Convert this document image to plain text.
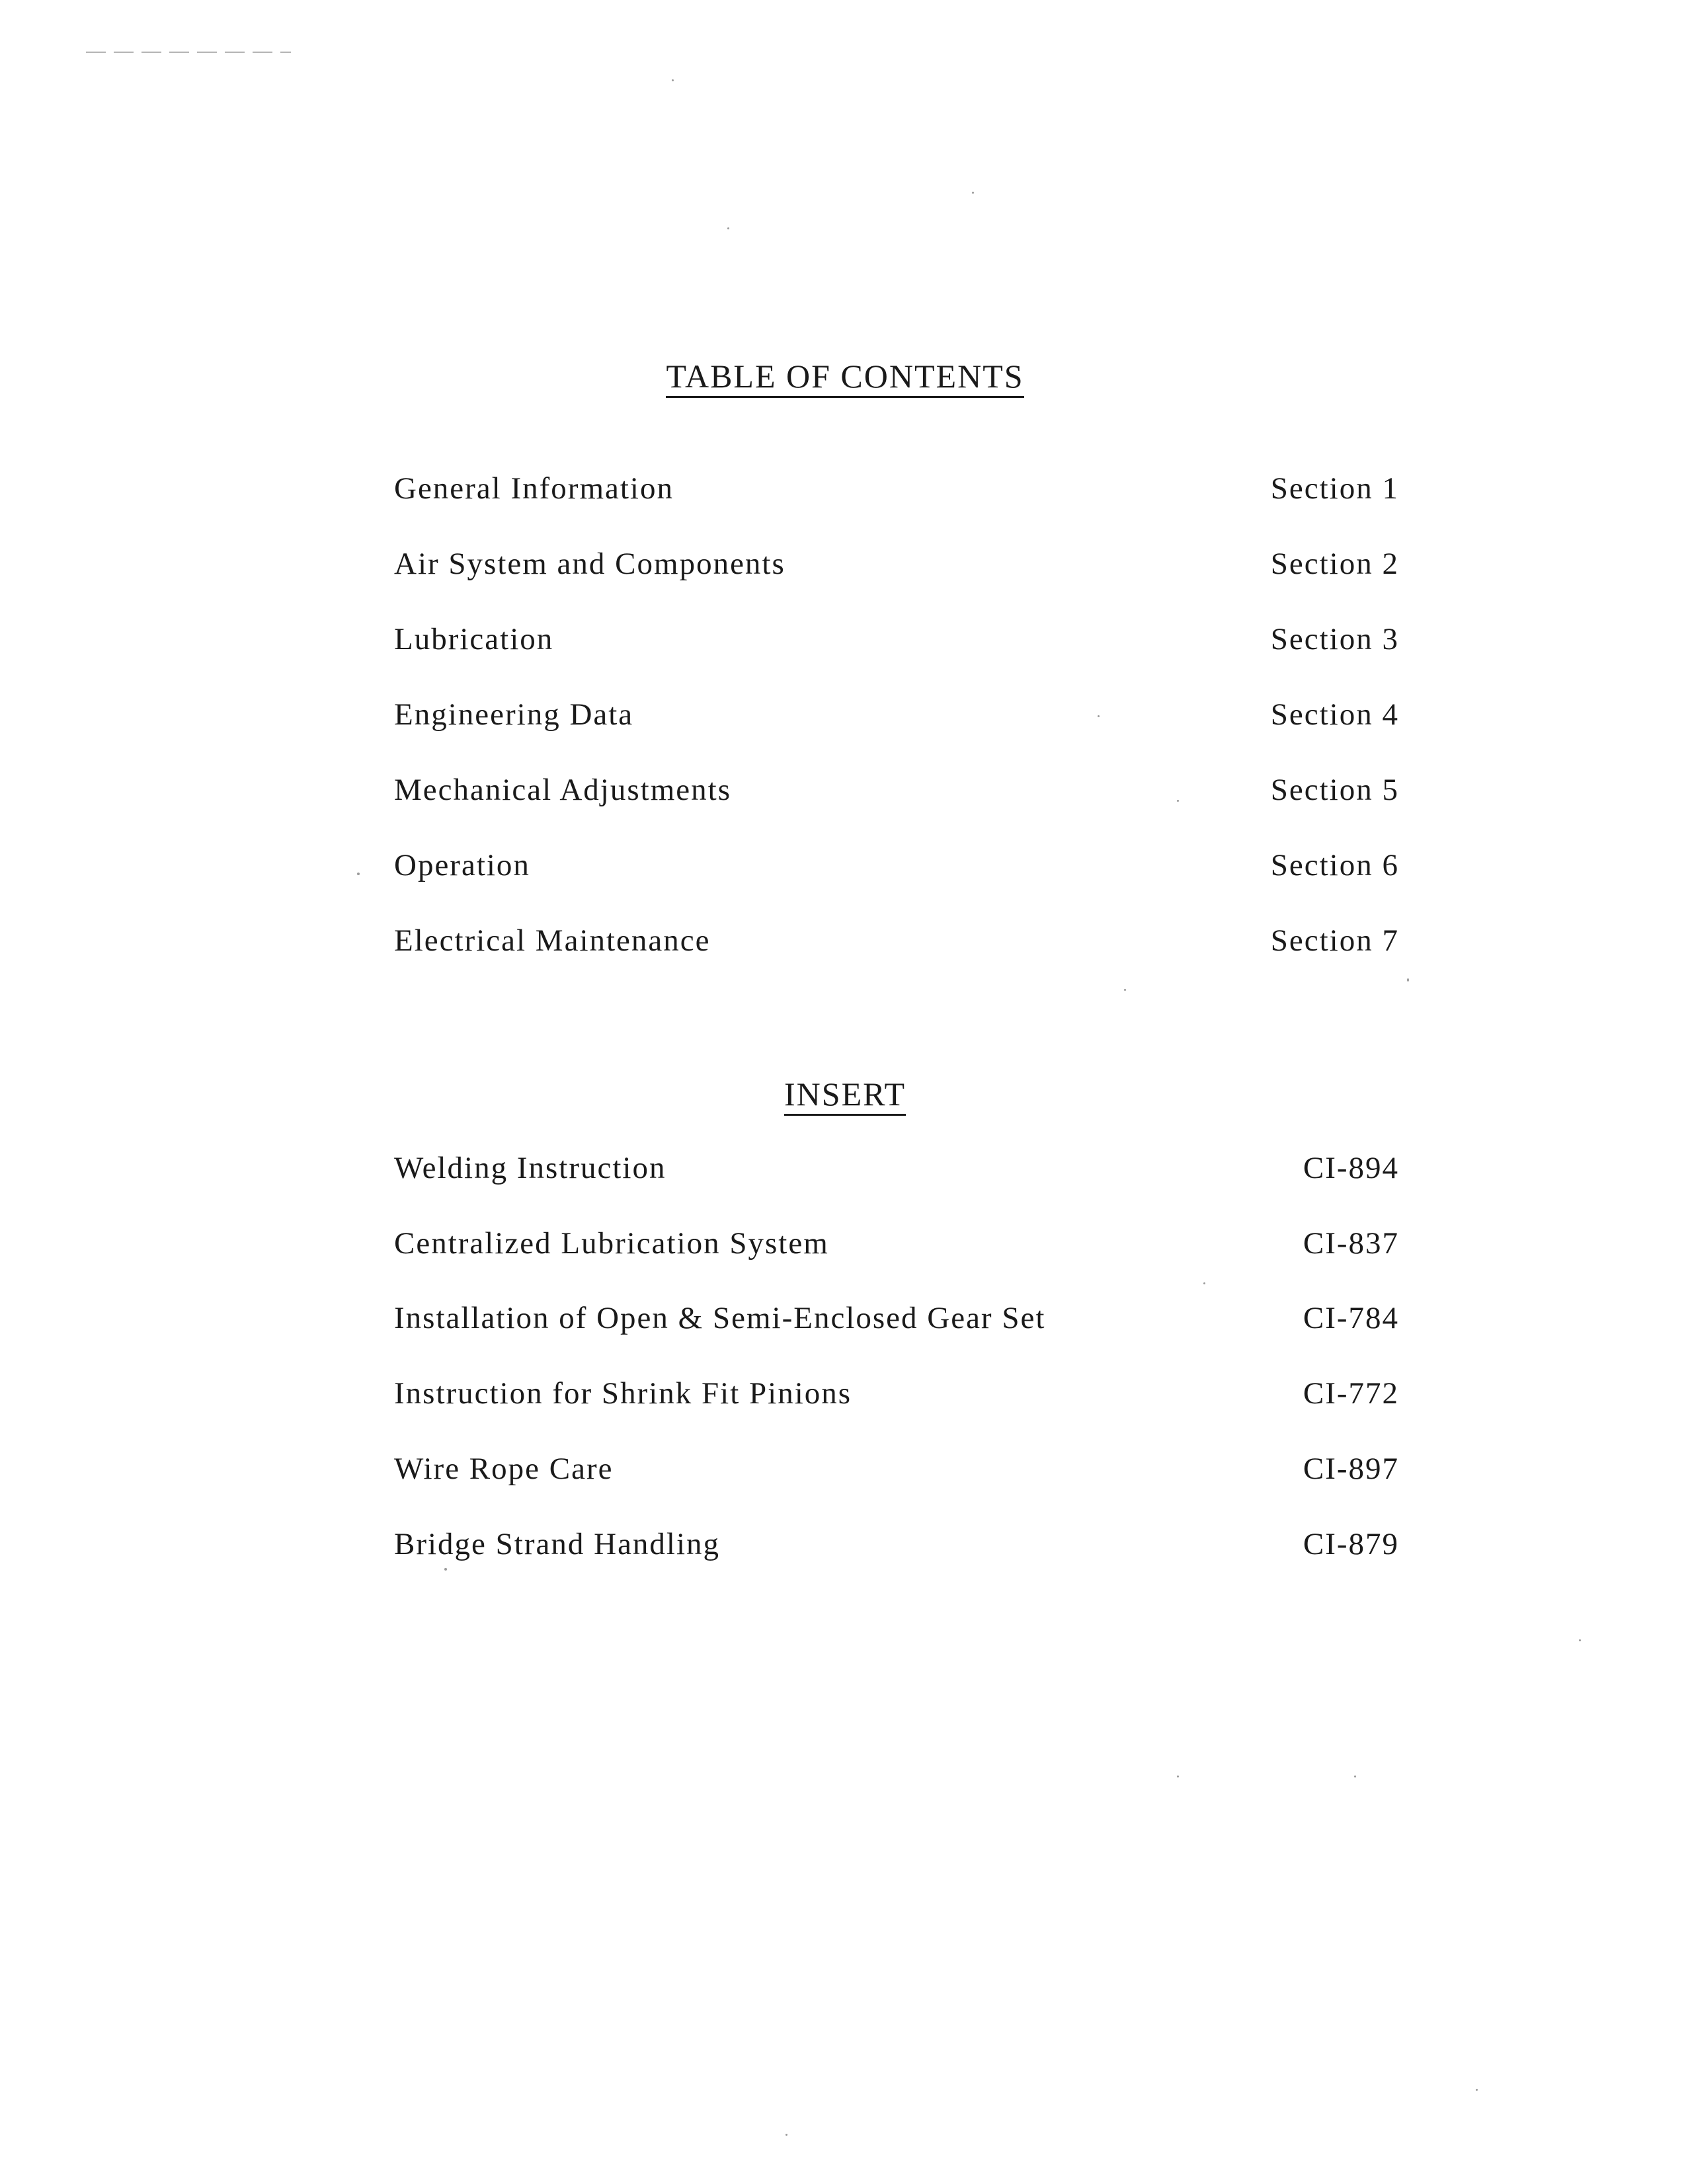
TABLE OF CONTENTS
General Information	Section 1
Air System and Components	Section 2
Lubrication	Section 3
Engineering Data	Section 4
Mechanical Adjustments	Section 5
Operation	Section 6
Electrical Maintenance	Section 7
INSERT
Welding Instruction	CI-894
Centralized Lubrication System	CI-837
Installation of Open & Semi-Enclosed Gear Set	CI-784
Instruction for Shrink Fit Pinions	CI-772
Wire Rope Care	CI-897
Bridge Strand Handling	CI-879
